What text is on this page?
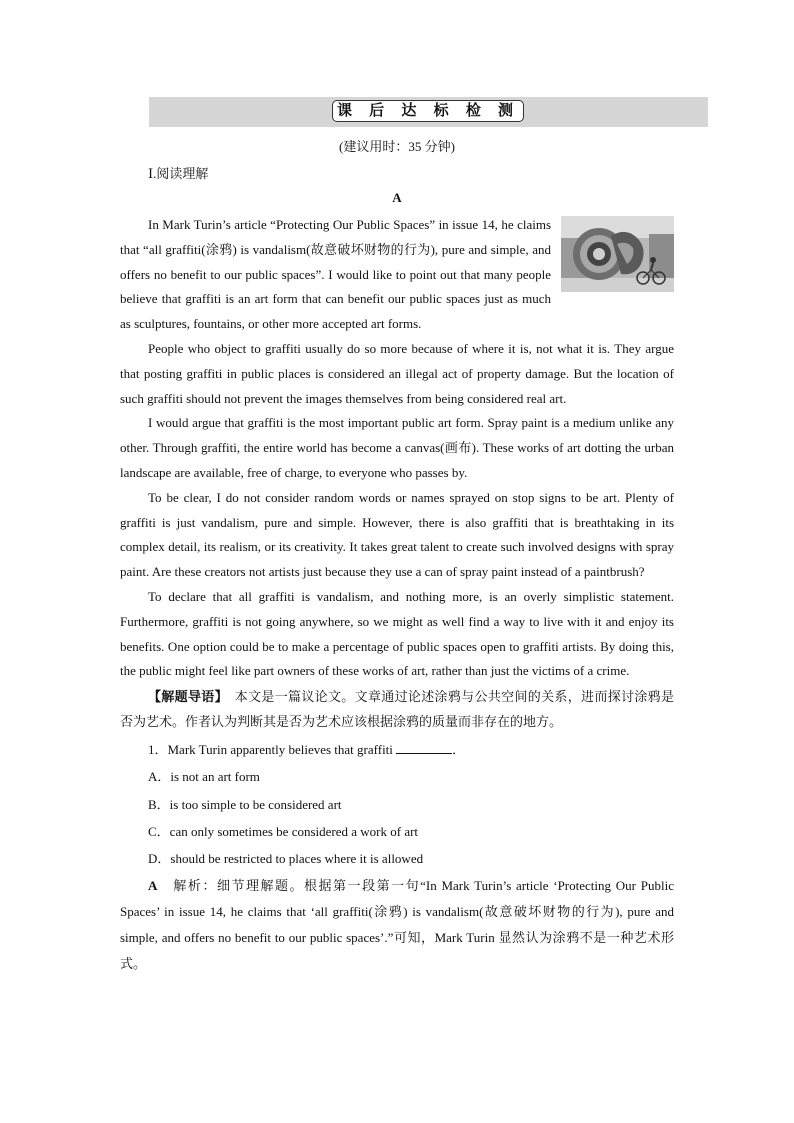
课 后 达 标 检 测
(建议用时：35 分钟)
Ⅰ.阅读理解
A

In Mark Turin’s article “Protecting Our Public Spaces” in issue 14, he claims that “all graffiti(涂鸦) is vandalism(故意破坏财物的行为), pure and simple, and offers no benefit to our public spaces”. I would like to point out that many people believe that graffiti is an art form that can benefit our public spaces just as much as sculptures, fountains, or other more accepted art forms.

People who object to graffiti usually do so more because of where it is, not what it is. They argue that posting graffiti in public places is considered an illegal act of property damage. But the location of such graffiti should not prevent the images themselves from being considered real art.

I would argue that graffiti is the most important public art form. Spray paint is a medium unlike any other. Through graffiti, the entire world has become a canvas(画布). These works of art dotting the urban landscape are available, free of charge, to everyone who passes by.

To be clear, I do not consider random words or names sprayed on stop signs to be art. Plenty of graffiti is just vandalism, pure and simple. However, there is also graffiti that is breathtaking in its complex detail, its realism, or its creativity. It takes great talent to create such involved designs with spray paint. Are these creators not artists just because they use a can of spray paint instead of a paintbrush?

To declare that all graffiti is vandalism, and nothing more, is an overly simplistic statement. Furthermore, graffiti is not going anywhere, so we might as well find a way to live with it and enjoy its benefits. One option could be to make a percentage of public spaces open to graffiti artists. By doing this, the public might feel like part owners of these works of art, rather than just the victims of a crime.

【解题导语】　 本文是一篇议论文。文章通过论述涂鸦与公共空间的关系，进而探讨涂鸦是否为艺术。作者认为判断其是否为艺术应该根据涂鸦的质量而非存在的地方。

1．Mark Turin apparently believes that graffiti	．

A．is not an art form

B．is too simple to be considered art

C．can only sometimes be considered a work of art

D．should be restricted to places where it is allowed

A　 解析：细节理解题。根据第一段第一句“In Mark Turin’s article ‘Protecting Our Public Spaces’ in issue 14, he claims that ‘all graffiti(涂鸦) is vandalism(故意破坏财物的行为), pure and simple, and offers no benefit to our public spaces’.”可知，Mark Turin 显然认为涂鸦不是一种艺术形式。
